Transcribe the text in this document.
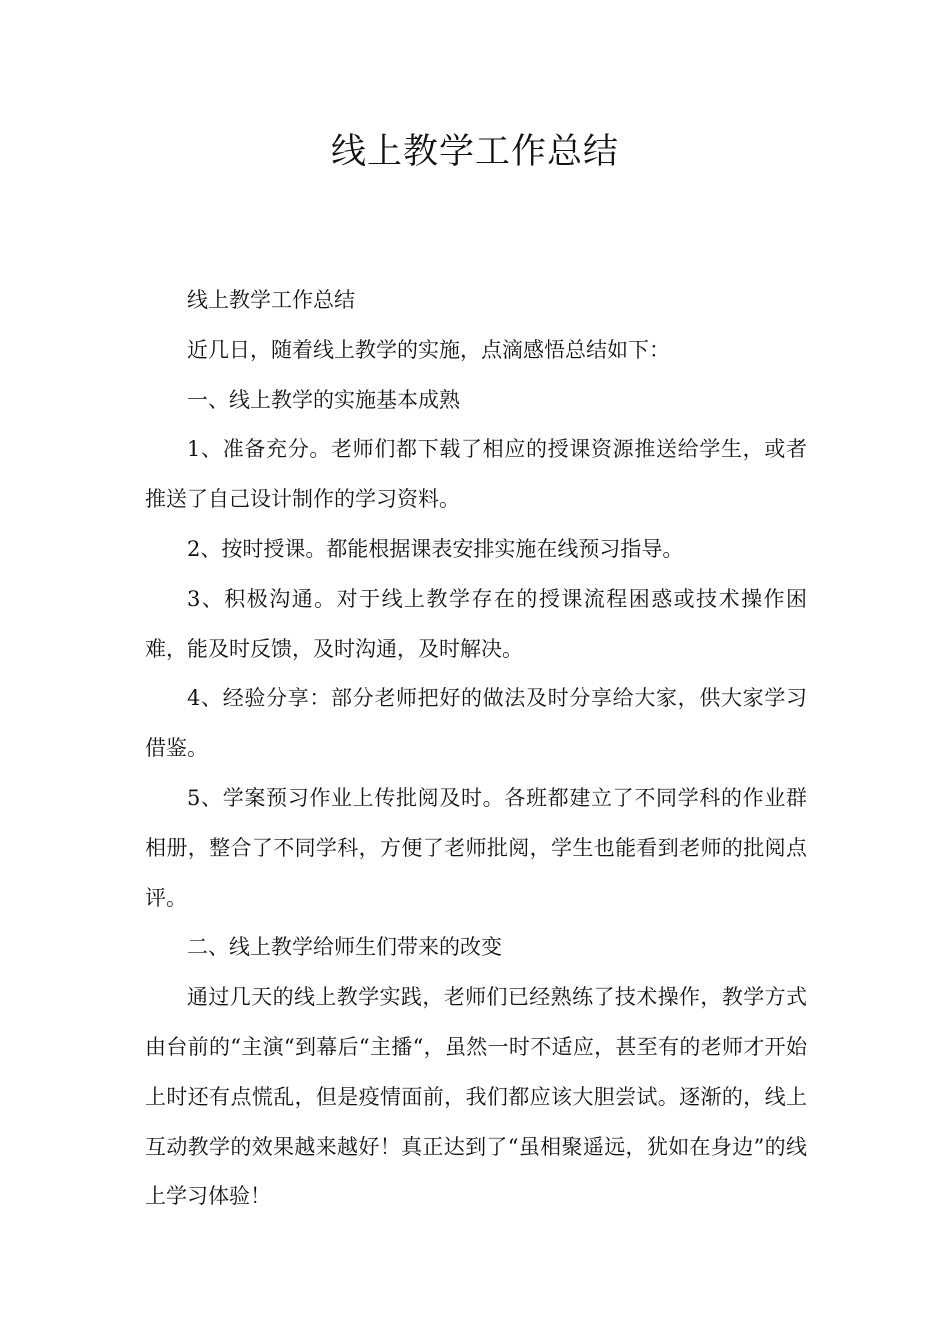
线上教学工作总结

线上教学工作总结

近几日，随着线上教学的实施，点滴感悟总结如下：

一、线上教学的实施基本成熟

1、准备充分。老师们都下载了相应的授课资源推送给学生，或者推送了自己设计制作的学习资料。

2、按时授课。都能根据课表安排实施在线预习指导。

3、积极沟通。对于线上教学存在的授课流程困惑或技术操作困难，能及时反馈，及时沟通，及时解决。

4、经验分享：部分老师把好的做法及时分享给大家，供大家学习借鉴。

5、学案预习作业上传批阅及时。各班都建立了不同学科的作业群相册，整合了不同学科，方便了老师批阅，学生也能看到老师的批阅点评。

二、线上教学给师生们带来的改变

通过几天的线上教学实践，老师们已经熟练了技术操作，教学方式由台前的“主演“到幕后“主播“，虽然一时不适应，甚至有的老师才开始上时还有点慌乱，但是疫情面前，我们都应该大胆尝试。逐渐的，线上互动教学的效果越来越好！真正达到了“虽相聚遥远，犹如在身边”的线上学习体验！
